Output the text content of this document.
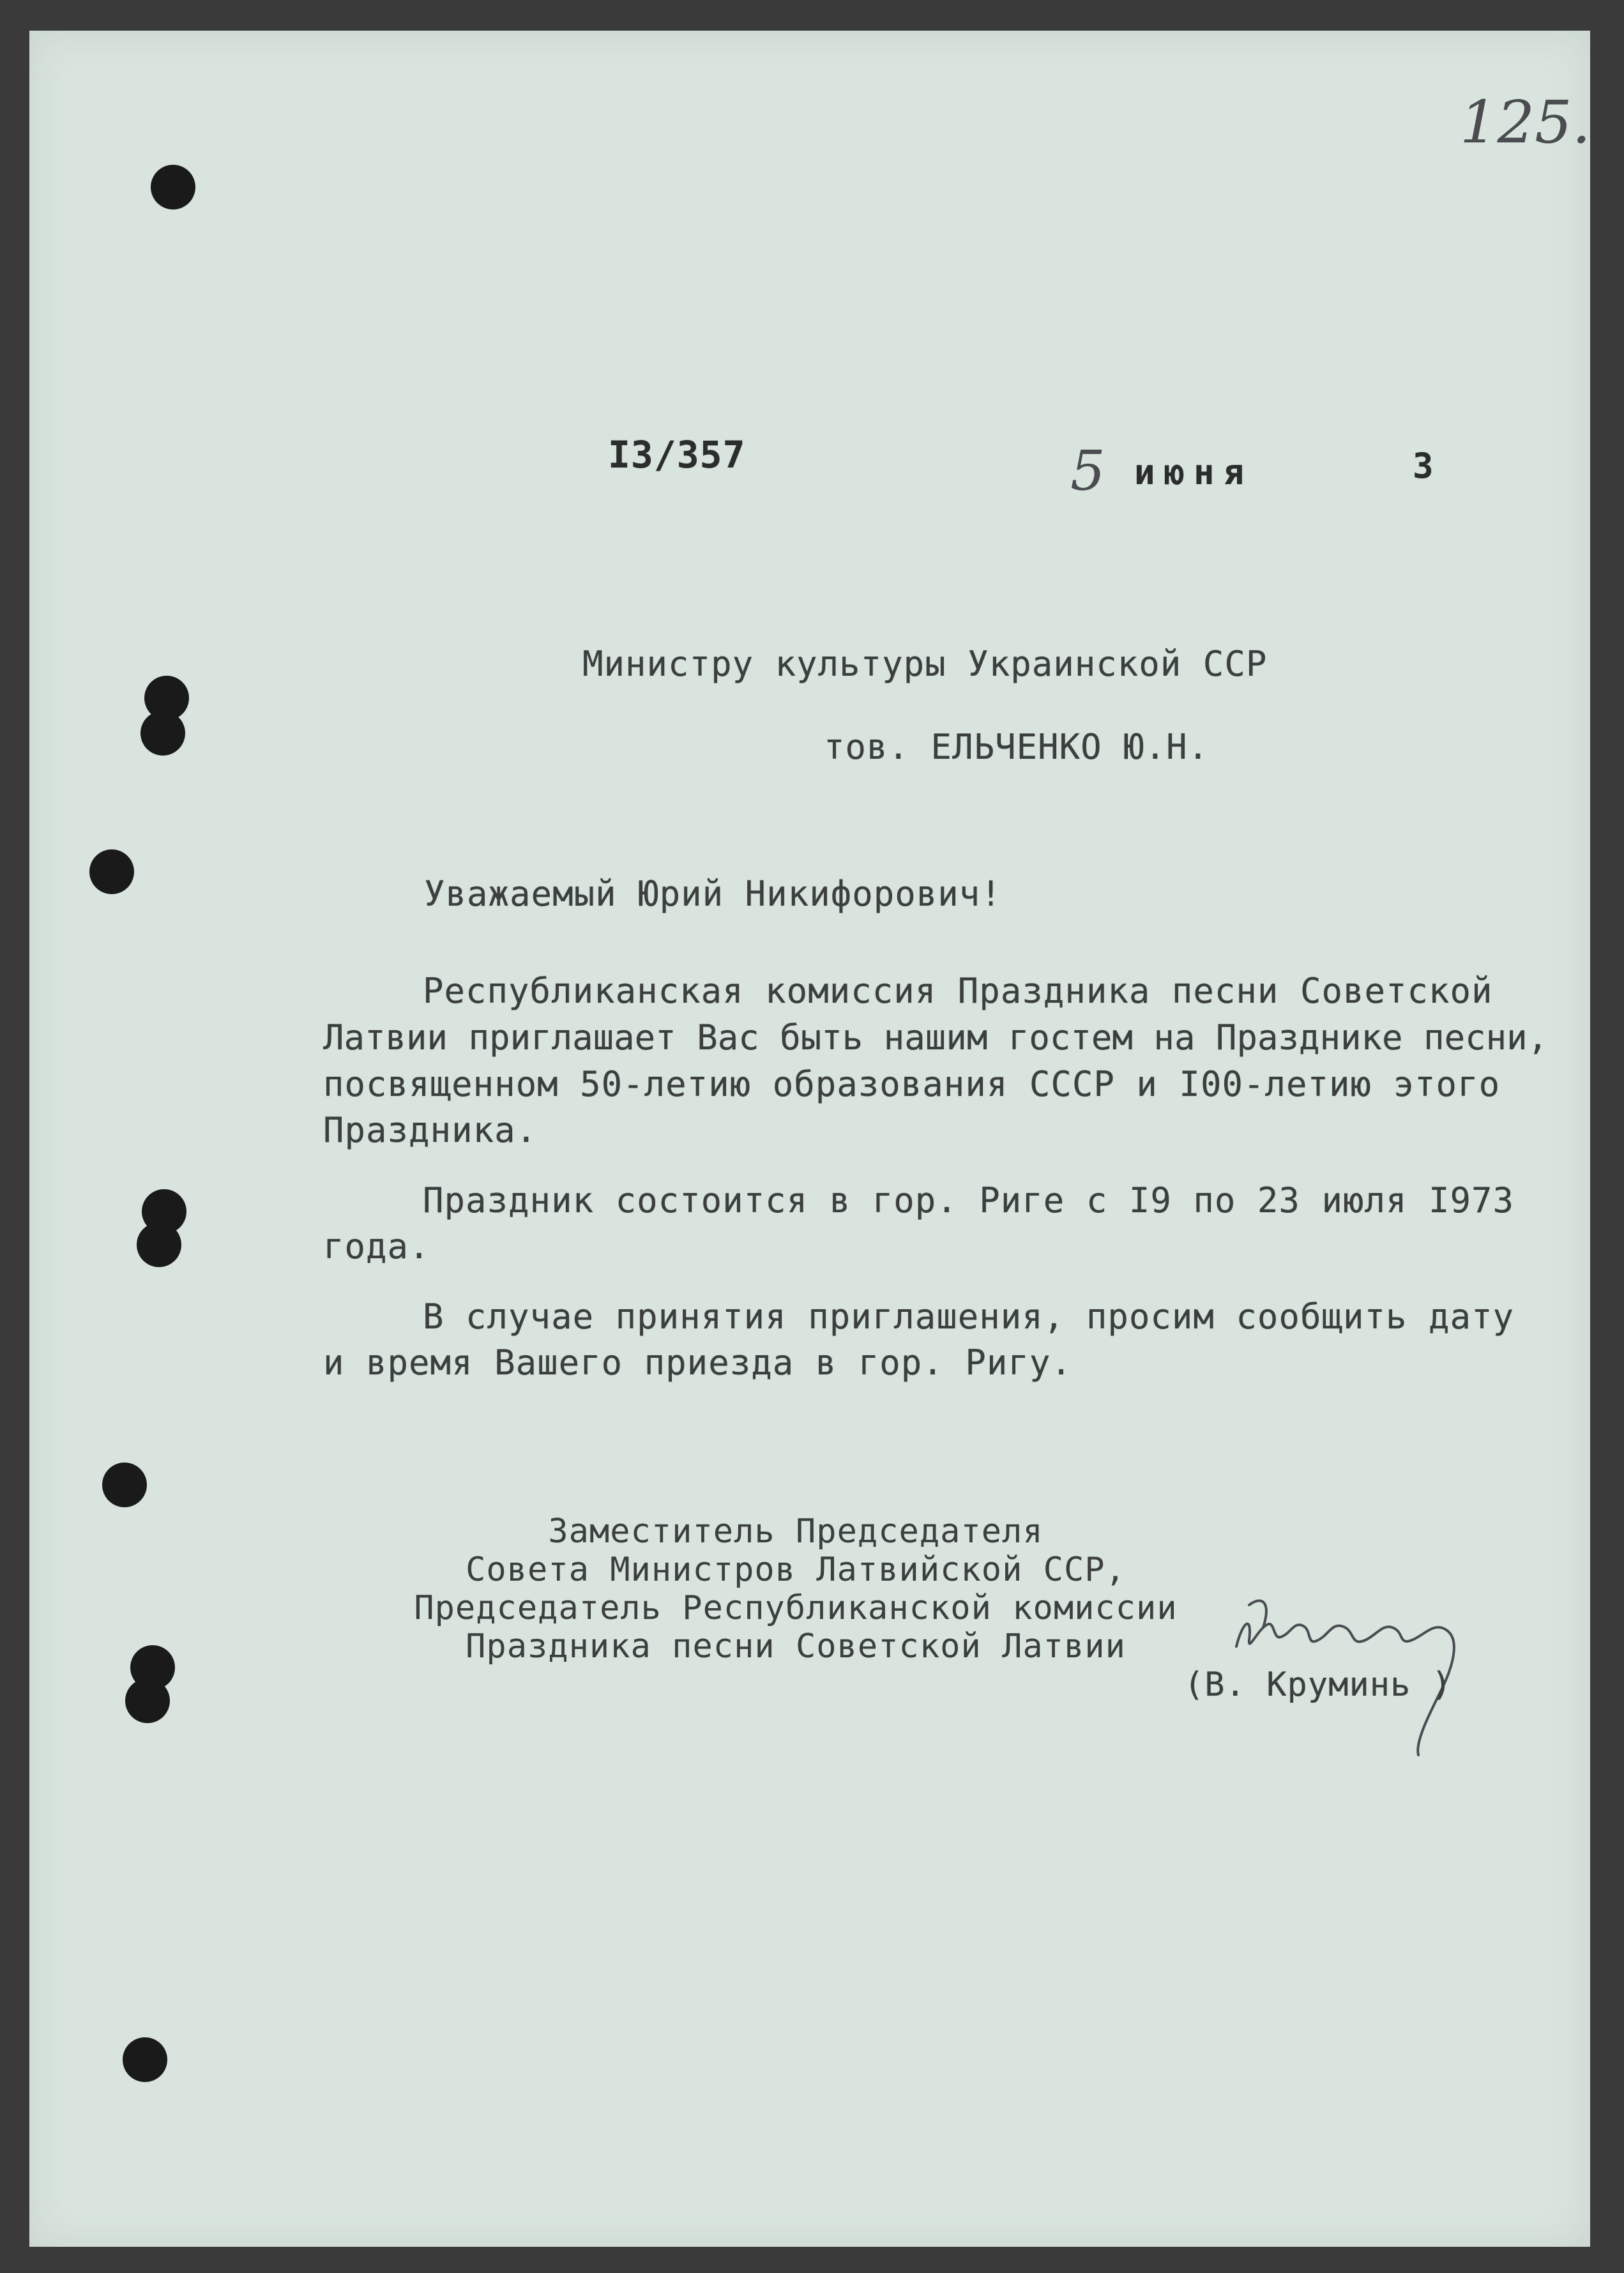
125.
I3/357	5 июня	3
Министру культуры Украинской ССР
тов. ЕЛЬЧЕНКО Ю.Н.
Уважаемый Юрий Никифорович!
Республиканская комиссия Праздника песни Советской
Латвии приглашает Вас быть нашим гостем на Празднике песни,
посвященном 50-летию образования СССР и I00-летию этого
Праздника.
Праздник состоится в гор. Риге с I9 по 23 июля I973
года.
В случае принятия приглашения, просим сообщить дату
и время Вашего приезда в гор. Ригу.
Заместитель Председателя
Совета Министров Латвийской ССР,
Председатель Республиканской комиссии
Праздника песни Советской Латвии
(В. Круминь )
